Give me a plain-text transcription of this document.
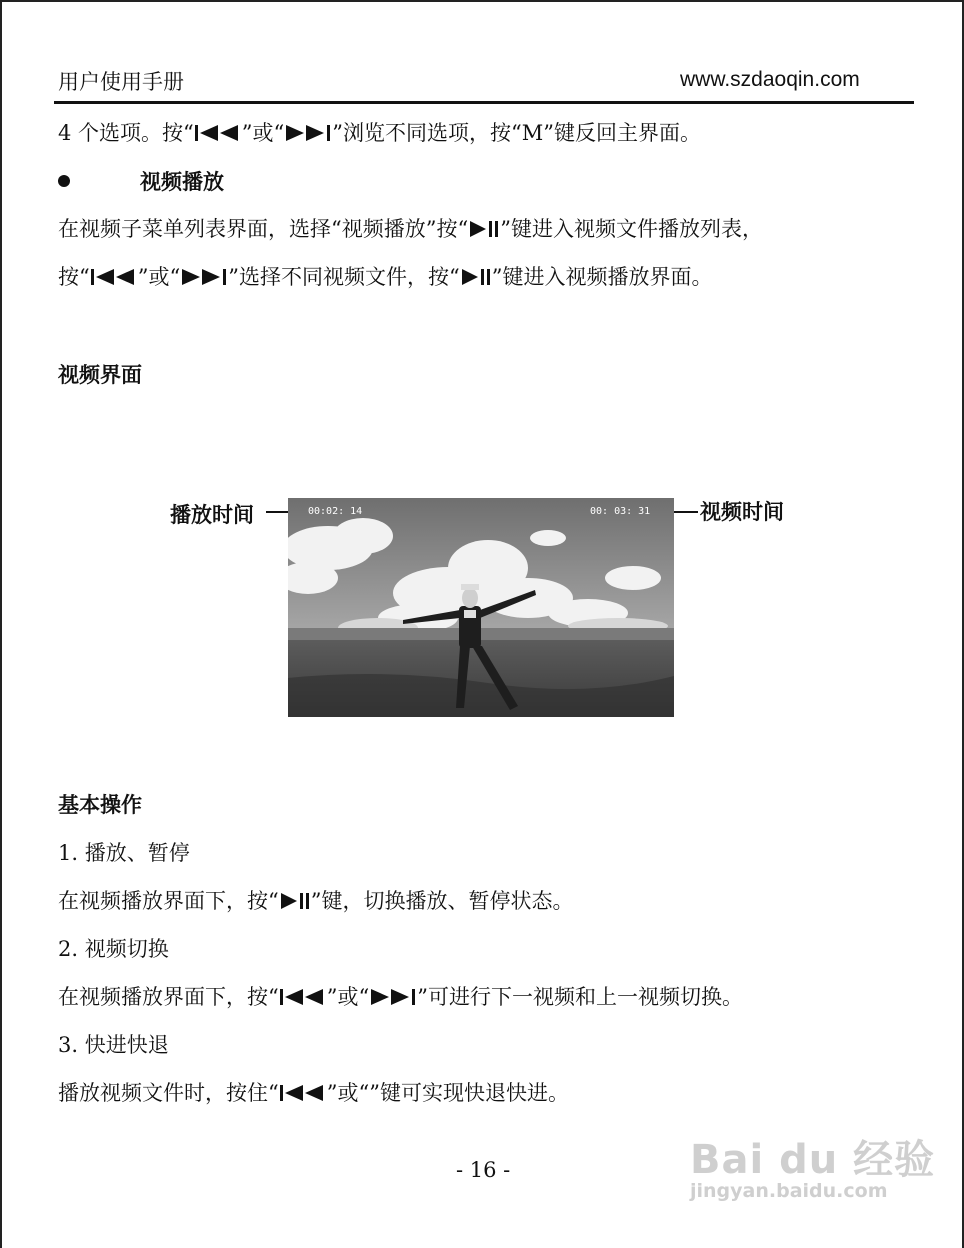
用户使用手册	www.szdaoqin.com
4 个选项。按“ ”或“ ”浏览不同选项，按“M”键反回主界面。
视频播放
在视频子菜单列表界面，选择“视频播放”按“ ”键进入视频文件播放列表，
按“ ”或“ ”选择不同视频文件，按“ ”键进入视频播放界面。
视频界面
播放时间	视频时间
00:02: 14	00: 03: 31
基本操作
1. 播放、暂停
在视频播放界面下，按“ ”键，切换播放、暂停状态。
2. 视频切换
在视频播放界面下，按“ ”或“ ”可进行下一视频和上一视频切换。
3. 快进快退
播放视频文件时，按住“ ”或“”键可实现快退快进。
- 16 -	Bai du 经验
jingyan.baidu.com
